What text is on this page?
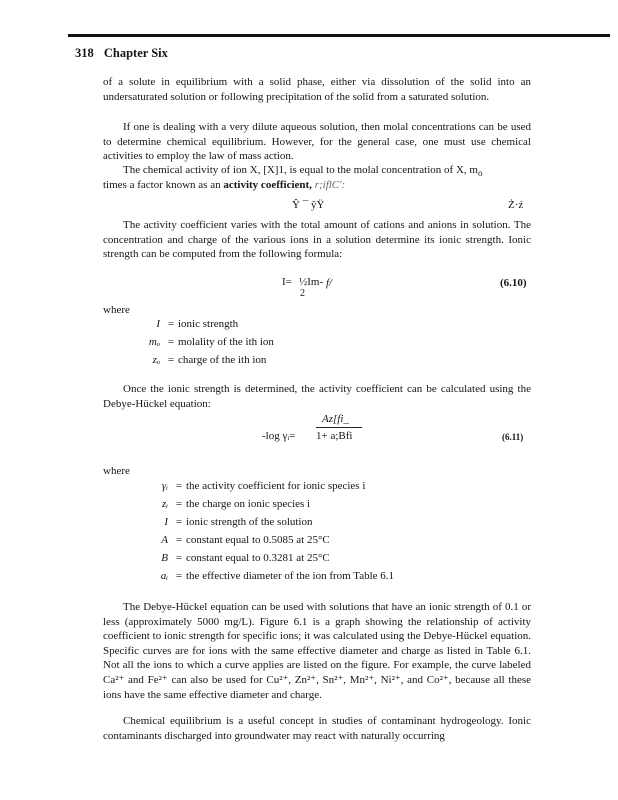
318 Chapter Six

of a solute in equilibrium with a solid phase, either via dissolution of the solid into an undersaturated solution or following precipitation of the solid from a saturated solution.

If one is dealing with a very dilute aqueous solution, then molal concentrations can be used to determine chemical equilibrium. However, for the general case, one must use chemical activities to employ the law of mass action.

The chemical activity of ion X, [X]1, is equal to the molal concentration of X, $m_o$
times a factor known as an activity coefficient, r;iflC':
Ŷ ¯ ŷŸ	Ż·ź

The activity coefficient varies with the total amount of cations and anions in solution. The concentration and charge of the various ions in a solution determine its ionic strength. Ionic strength can be computed from the following formula:

I= ½Im-
2
f/	(6.10)
where
I = ionic strength
mₒ = molality of the ith ion
zₒ = charge of the ith ion

Once the ionic strength is determined, the activity coefficient can be calculated using the Debye-Hückel equation:

-log γᵢ=
Az[fi_
1+ a;Bfi	(6.11)
where
γᵢ = the activity coefficient for ionic species i
zᵢ = the charge on ionic species i
I = ionic strength of the solution
A = constant equal to 0.5085 at 25°C
B = constant equal to 0.3281 at 25°C
aᵢ = the effective diameter of the ion from Table 6.1

The Debye-Hückel equation can be used with solutions that have an ionic strength of 0.1 or less (approximately 5000 mg/L). Figure 6.1 is a graph showing the relationship of activity coefficient to ionic strength for specific ions; it was calculated using the Debye-Hückel equation. Specific curves are for ions with the same effective diameter and charge as listed in Table 6.1. Not all the ions to which a curve applies are listed on the figure. For example, the curve labeled Ca²⁺ and Fe²⁺ can also be used for Cu²⁺, Zn²⁺, Sn²⁺, Mn²⁺, Ni²⁺, and Co²⁺, because all these ions have the same effective diameter and charge.

Chemical equilibrium is a useful concept in studies of contaminant hydrogeology. Ionic contaminants discharged into groundwater may react with naturally occurring
